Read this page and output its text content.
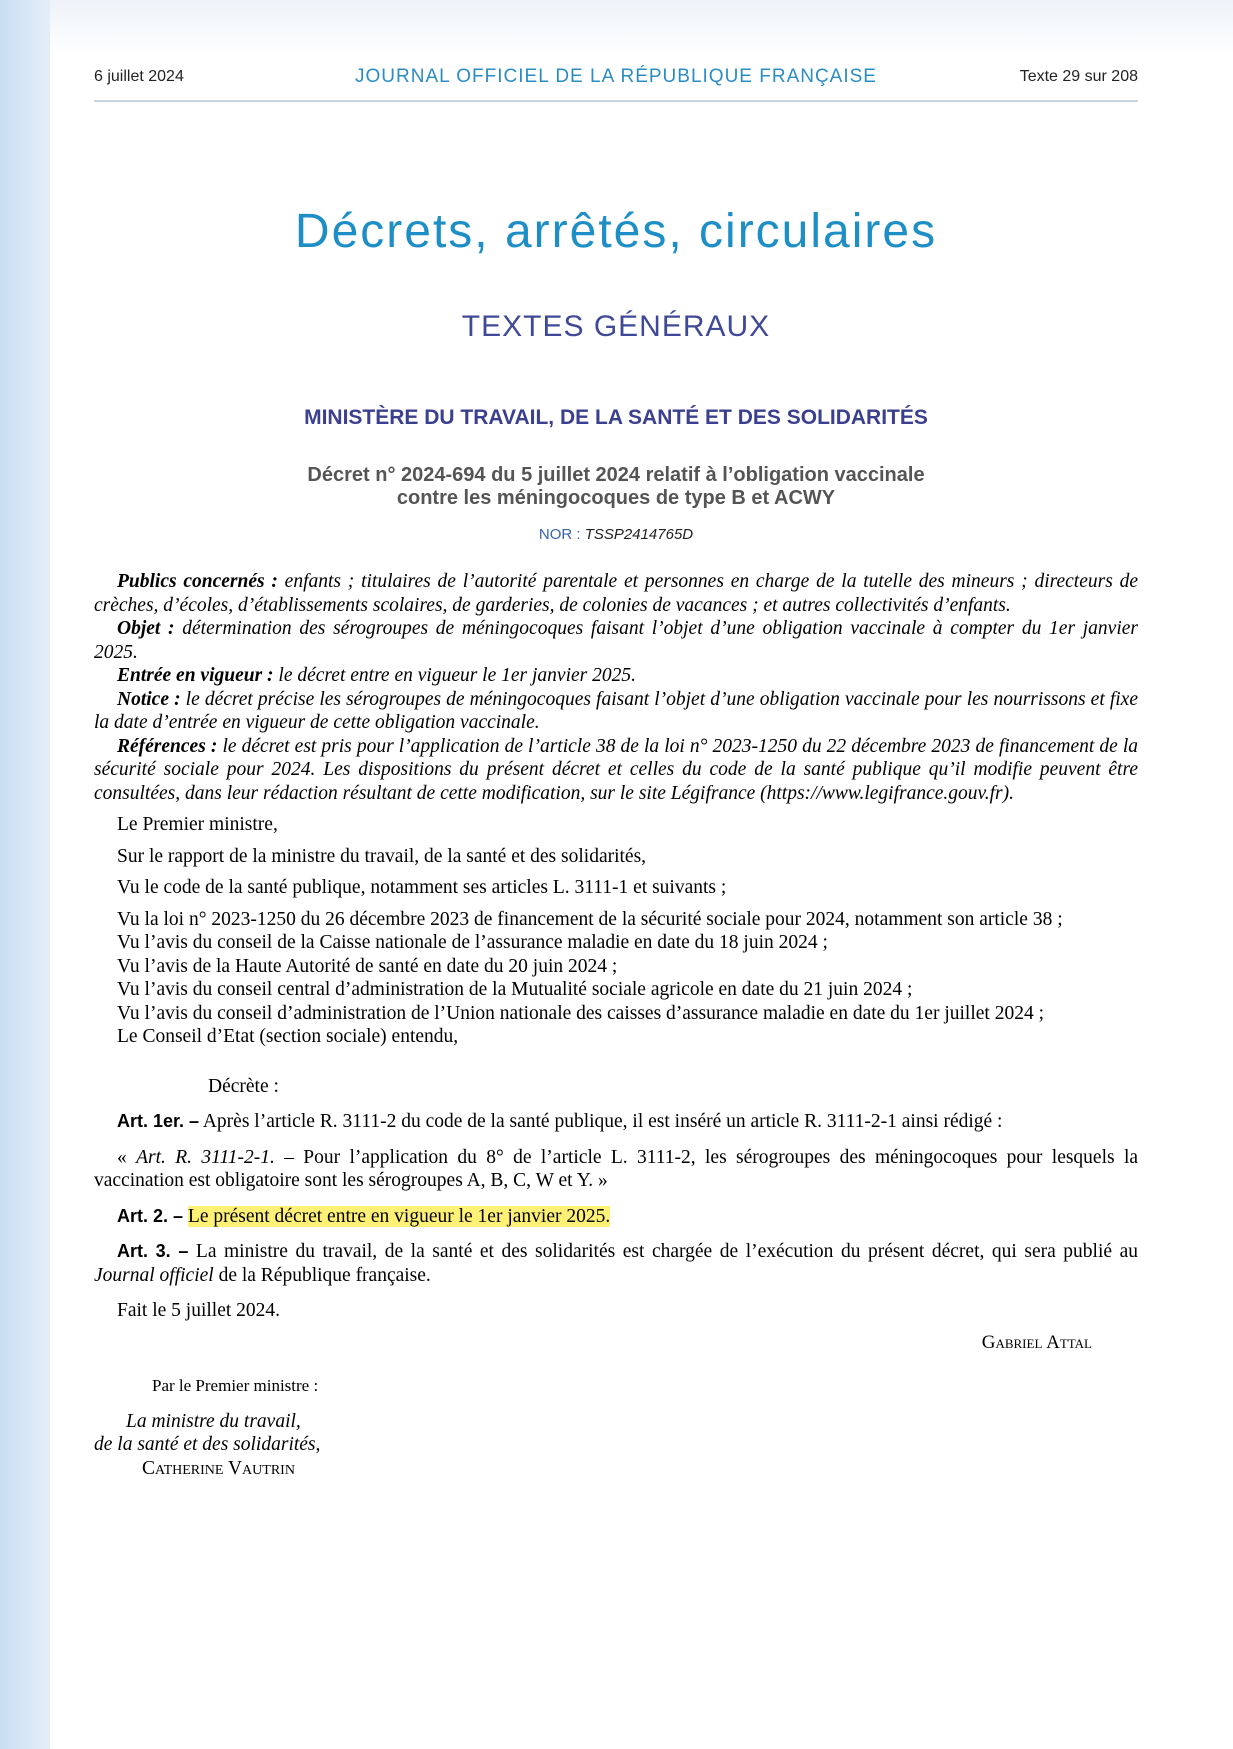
6 juillet 2024	JOURNAL OFFICIEL DE LA RÉPUBLIQUE FRANÇAISE	Texte 29 sur 208
Décrets, arrêtés, circulaires
TEXTES GÉNÉRAUX
MINISTÈRE DU TRAVAIL, DE LA SANTÉ ET DES SOLIDARITÉS
Décret n° 2024-694 du 5 juillet 2024 relatif à l’obligation vaccinale
contre les méningocoques de type B et ACWY
NOR : TSSP2414765D

Publics concernés : enfants ; titulaires de l’autorité parentale et personnes en charge de la tutelle des mineurs ; directeurs de crèches, d’écoles, d’établissements scolaires, de garderies, de colonies de vacances ; et autres collectivités d’enfants.

Objet : détermination des sérogroupes de méningocoques faisant l’objet d’une obligation vaccinale à compter du 1er janvier 2025.

Entrée en vigueur : le décret entre en vigueur le 1er janvier 2025.

Notice : le décret précise les sérogroupes de méningocoques faisant l’objet d’une obligation vaccinale pour les nourrissons et fixe la date d’entrée en vigueur de cette obligation vaccinale.

Références : le décret est pris pour l’application de l’article 38 de la loi n° 2023-1250 du 22 décembre 2023 de financement de la sécurité sociale pour 2024. Les dispositions du présent décret et celles du code de la santé publique qu’il modifie peuvent être consultées, dans leur rédaction résultant de cette modification, sur le site Légifrance (https://www.legifrance.gouv.fr).

Le Premier ministre,

Sur le rapport de la ministre du travail, de la santé et des solidarités,

Vu le code de la santé publique, notamment ses articles L. 3111-1 et suivants ;

Vu la loi n° 2023-1250 du 26 décembre 2023 de financement de la sécurité sociale pour 2024, notamment son article 38 ;

Vu l’avis du conseil de la Caisse nationale de l’assurance maladie en date du 18 juin 2024 ;

Vu l’avis de la Haute Autorité de santé en date du 20 juin 2024 ;

Vu l’avis du conseil central d’administration de la Mutualité sociale agricole en date du 21 juin 2024 ;

Vu l’avis du conseil d’administration de l’Union nationale des caisses d’assurance maladie en date du 1er juillet 2024 ;

Le Conseil d’Etat (section sociale) entendu,

Décrète :

Art. 1er. – Après l’article R. 3111-2 du code de la santé publique, il est inséré un article R. 3111-2-1 ainsi rédigé :

« Art. R. 3111-2-1. – Pour l’application du 8° de l’article L. 3111-2, les sérogroupes des méningocoques pour lesquels la vaccination est obligatoire sont les sérogroupes A, B, C, W et Y. »

Art. 2. – Le présent décret entre en vigueur le 1er janvier 2025.

Art. 3. – La ministre du travail, de la santé et des solidarités est chargée de l’exécution du présent décret, qui sera publié au Journal officiel de la République française.

Fait le 5 juillet 2024.

Gabriel Attal

Par le Premier ministre :

La ministre du travail,
de la santé et des solidarités,
Catherine Vautrin
